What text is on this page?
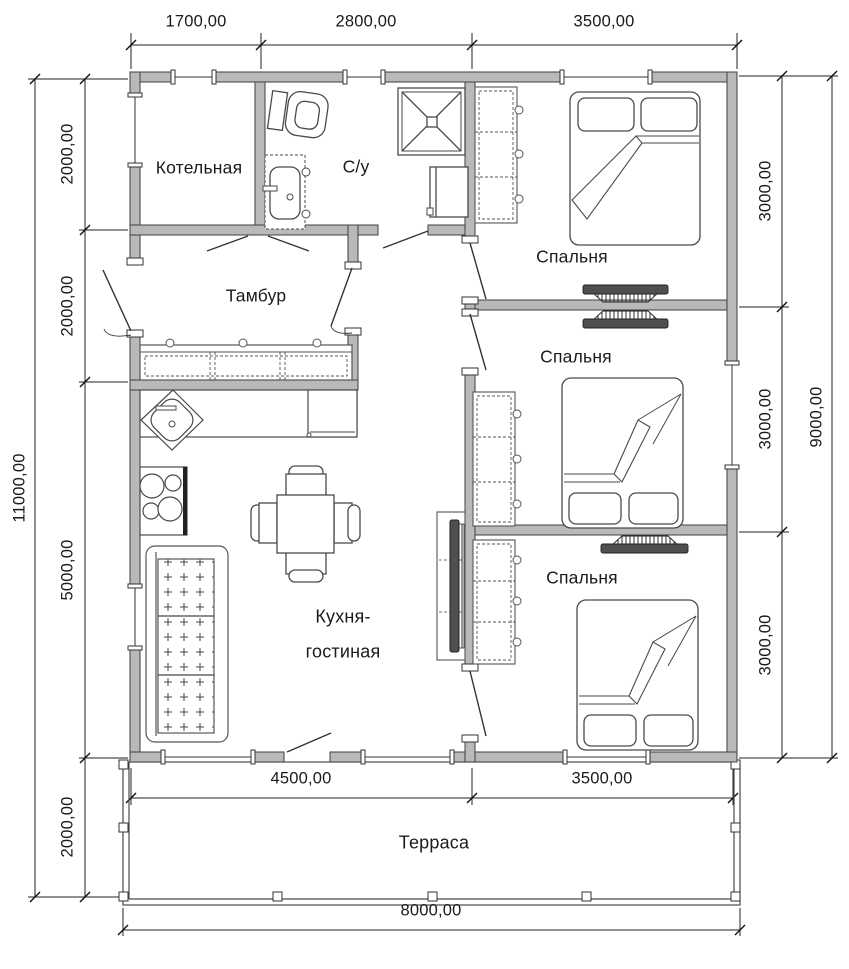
Котельная	С/у
Тамбур
Спальня
Спальня
Спальня
Кухня-
гостиная
Терраса
1700,00	2800,00	3500,00
2000,00
2000,00
5000,00
2000,00
11000,00
3000,00
3000,00
3000,00
9000,00
4500,00	3500,00
8000,00
